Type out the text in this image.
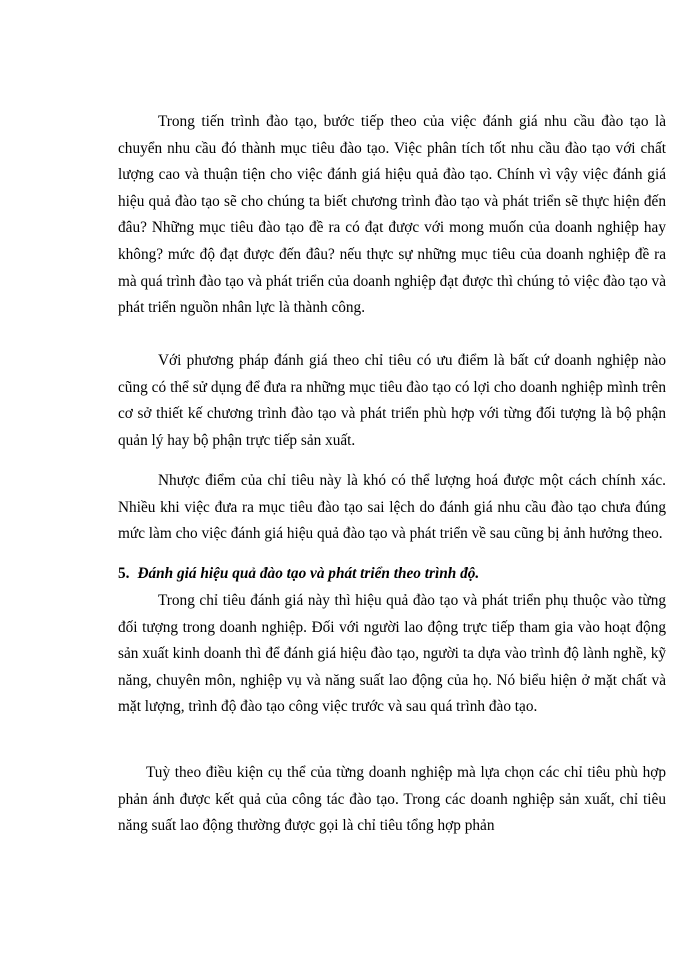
Trong tiến trình đào tạo, bước tiếp theo của việc đánh giá nhu cầu đào tạo là chuyển nhu cầu đó thành mục tiêu đào tạo. Việc phân tích tốt nhu cầu đào tạo với chất lượng cao và thuận tiện cho việc đánh giá hiệu quả đào tạo. Chính vì vậy việc đánh giá hiệu quả đào tạo sẽ cho chúng ta biết chương trình đào tạo và phát triển sẽ thực hiện đến đâu? Những mục tiêu đào tạo đề ra có đạt được với mong muốn của doanh nghiệp hay không? mức độ đạt được đến đâu? nếu thực sự những mục tiêu của doanh nghiệp đề ra mà quá trình đào tạo và phát triển của doanh nghiệp đạt được thì chúng tỏ việc đào tạo và phát triển nguồn nhân lực là thành công.

Với phương pháp đánh giá theo chỉ tiêu có ưu điểm là bất cứ doanh nghiệp nào cũng có thể sử dụng để đưa ra những mục tiêu đào tạo có lợi cho doanh nghiệp mình trên cơ sở thiết kế chương trình đào tạo và phát triển phù hợp với từng đối tượng là bộ phận quản lý hay bộ phận trực tiếp sản xuất.

Nhược điểm của chỉ tiêu này là khó có thể lượng hoá được một cách chính xác. Nhiều khi việc đưa ra mục tiêu đào tạo sai lệch do đánh giá nhu cầu đào tạo chưa đúng mức làm cho việc đánh giá hiệu quả đào tạo và phát triển về sau cũng bị ảnh hưởng theo.

5. Đánh giá hiệu quả đào tạo và phát triển theo trình độ.

Trong chỉ tiêu đánh giá này thì hiệu quả đào tạo và phát triển phụ thuộc vào từng đối tượng trong doanh nghiệp. Đối với người lao động trực tiếp tham gia vào hoạt động sản xuất kinh doanh thì để đánh giá hiệu đào tạo, người ta dựa vào trình độ lành nghề, kỹ năng, chuyên môn, nghiệp vụ và năng suất lao động của họ. Nó biểu hiện ở mặt chất và mặt lượng, trình độ đào tạo công việc trước và sau quá trình đào tạo.

Tuỳ theo điều kiện cụ thể của từng doanh nghiệp mà lựa chọn các chỉ tiêu phù hợp phản ánh được kết quả của công tác đào tạo. Trong các doanh nghiệp sản xuất, chỉ tiêu năng suất lao động thường được gọi là chỉ tiêu tổng hợp phản
